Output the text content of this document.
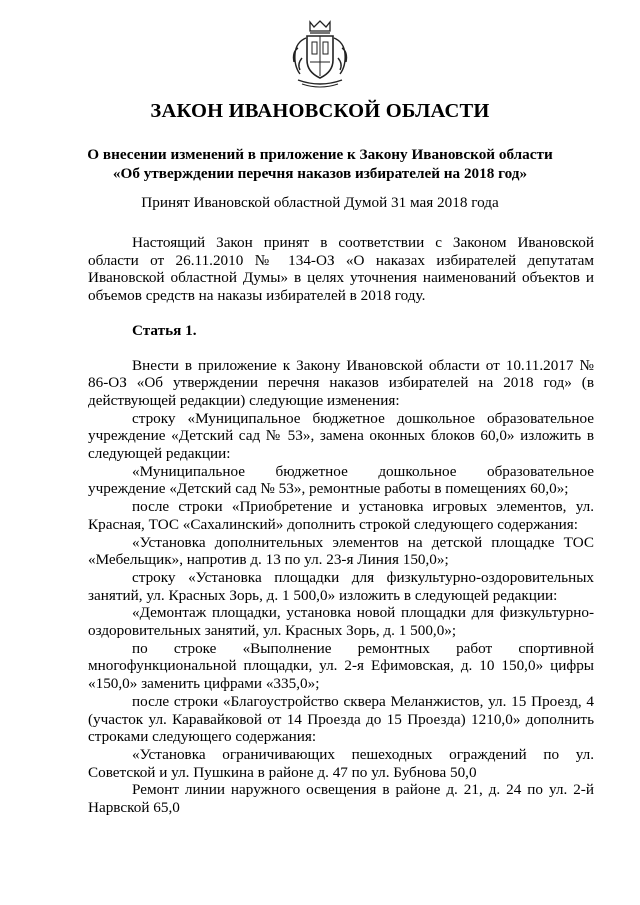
ЗАКОН ИВАНОВСКОЙ ОБЛАСТИ
О внесении изменений в приложение к Закону Ивановской области
«Об утверждении перечня наказов избирателей на 2018 год»
Принят Ивановской областной Думой 31 мая 2018 года

Настоящий Закон принят в соответствии с Законом Ивановской области от 26.11.2010 № 134-ОЗ «О наказах избирателей депутатам Ивановской областной Думы» в целях уточнения наименований объектов и объемов средств на наказы избирателей в 2018 году.

Статья 1.

Внести в приложение к Закону Ивановской области от 10.11.2017 № 86-ОЗ «Об утверждении перечня наказов избирателей на 2018 год» (в действующей редакции) следующие изменения:

строку «Муниципальное бюджетное дошкольное образовательное учреждение «Детский сад № 53», замена оконных блоков 60,0» изложить в следующей редакции:

«Муниципальное бюджетное дошкольное образовательное учреждение «Детский сад № 53», ремонтные работы в помещениях 60,0»;

после строки «Приобретение и установка игровых элементов, ул. Красная, ТОС «Сахалинский» дополнить строкой следующего содержания:

«Установка дополнительных элементов на детской площадке ТОС «Мебельщик», напротив д. 13 по ул. 23-я Линия 150,0»;

строку «Установка площадки для физкультурно-оздоровительных занятий, ул. Красных Зорь, д. 1 500,0» изложить в следующей редакции:

«Демонтаж площадки, установка новой площадки для физкультурно-оздоровительных занятий, ул. Красных Зорь, д. 1 500,0»;

по строке «Выполнение ремонтных работ спортивной многофункциональной площадки, ул. 2-я Ефимовская, д. 10 150,0» цифры «150,0» заменить цифрами «335,0»;

после строки «Благоустройство сквера Меланжистов, ул. 15 Проезд, 4 (участок ул. Каравайковой от 14 Проезда до 15 Проезда) 1210,0» дополнить строками следующего содержания:

«Установка ограничивающих пешеходных ограждений по ул. Советской и ул. Пушкина в районе д. 47 по ул. Бубнова 50,0

Ремонт линии наружного освещения в районе д. 21, д. 24 по ул. 2-й Нарвской 65,0
